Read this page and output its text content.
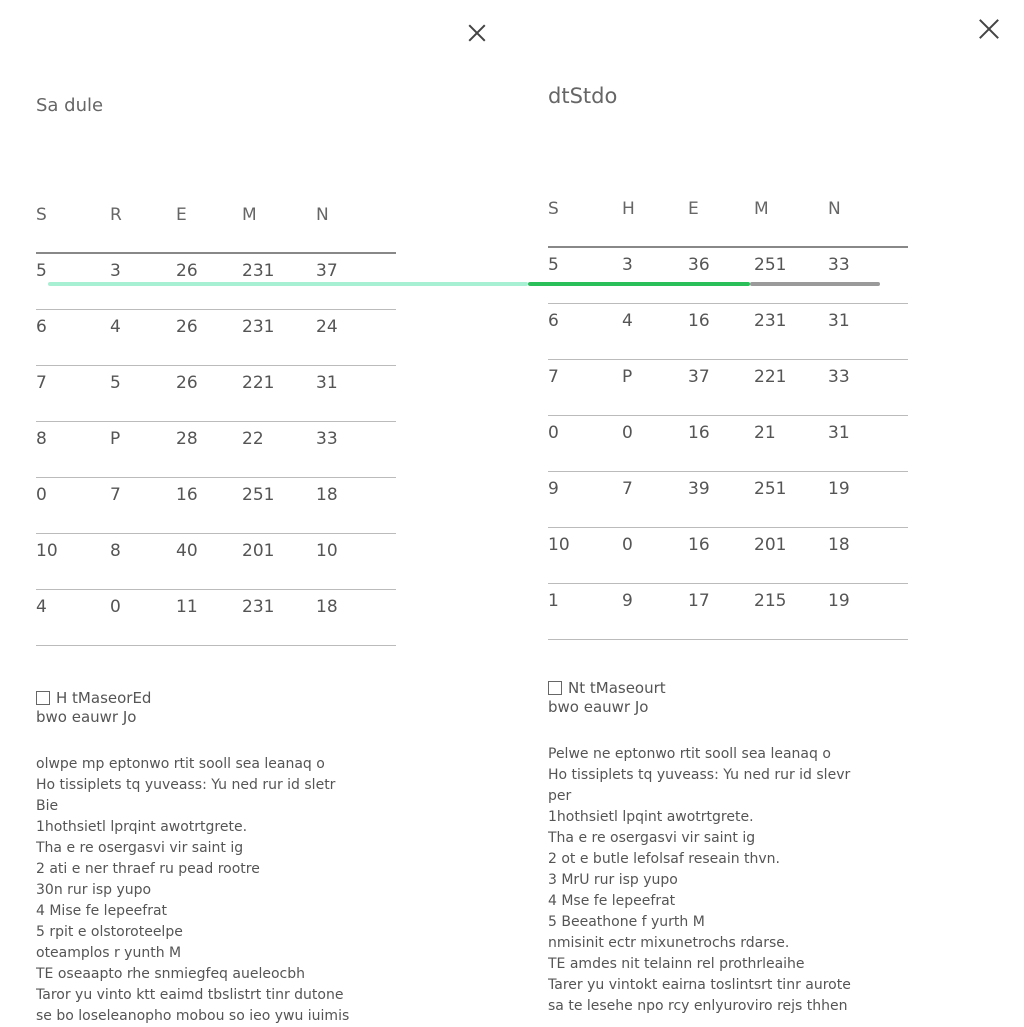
Sa dule
S	R	E	M	N
5	3	26	231 37
6	4	26	231 24
7	5	26	221 31
8	P	28	22	33
0	7	16	251 18
10	8	40	201 10
4	0	11	231 18
H tMaseorEd
bwo eauwr Jo
olwpe mp eptonwo rtit sooll sea leanaq o
Ho tissiplets tq yuveass: Yu ned rur id sletr
Bie
1hothsietl lprqint awotrtgrete.
Tha e re osergasvi vir saint ig
2 ati e ner thraef ru pead rootre
30n rur isp yupo
4 Mise fe lepeefrat
5 rpit e olstoroteelpe
oteamplos r yunth M
TE oseaapto rhe snmiegfeq aueleocbh
Taror yu vinto ktt eaimd tbslistrt tinr dutone
se bo loseleanopho mobou so ieo ywu iuimis
dtStdo
S	H	E	M	N
5	3	36	251 33
6	4	16	231 31
7	P	37	221 33
0	0	16	21	31
9	7	39	251 19
10	0	16	201 18
1	9	17	215 19
Nt tMaseourt
bwo eauwr Jo
Pelwe ne eptonwo rtit sooll sea leanaq o
Ho tissiplets tq yuveass: Yu ned rur id slevr
per
1hothsietl lpqint awotrtgrete.
Tha e re osergasvi vir saint ig
2 ot e butle lefolsaf reseain thvn.
3 MrU rur isp yupo
4 Mse fe lepeefrat
5 Beeathone f yurth M
nmisinit ectr mixunetrochs rdarse.
TE amdes nit telainn rel prothrleaihe
Tarer yu vintokt eairna toslintsrt tinr aurote
sa te lesehe npo rcy enlyuroviro rejs thhen
